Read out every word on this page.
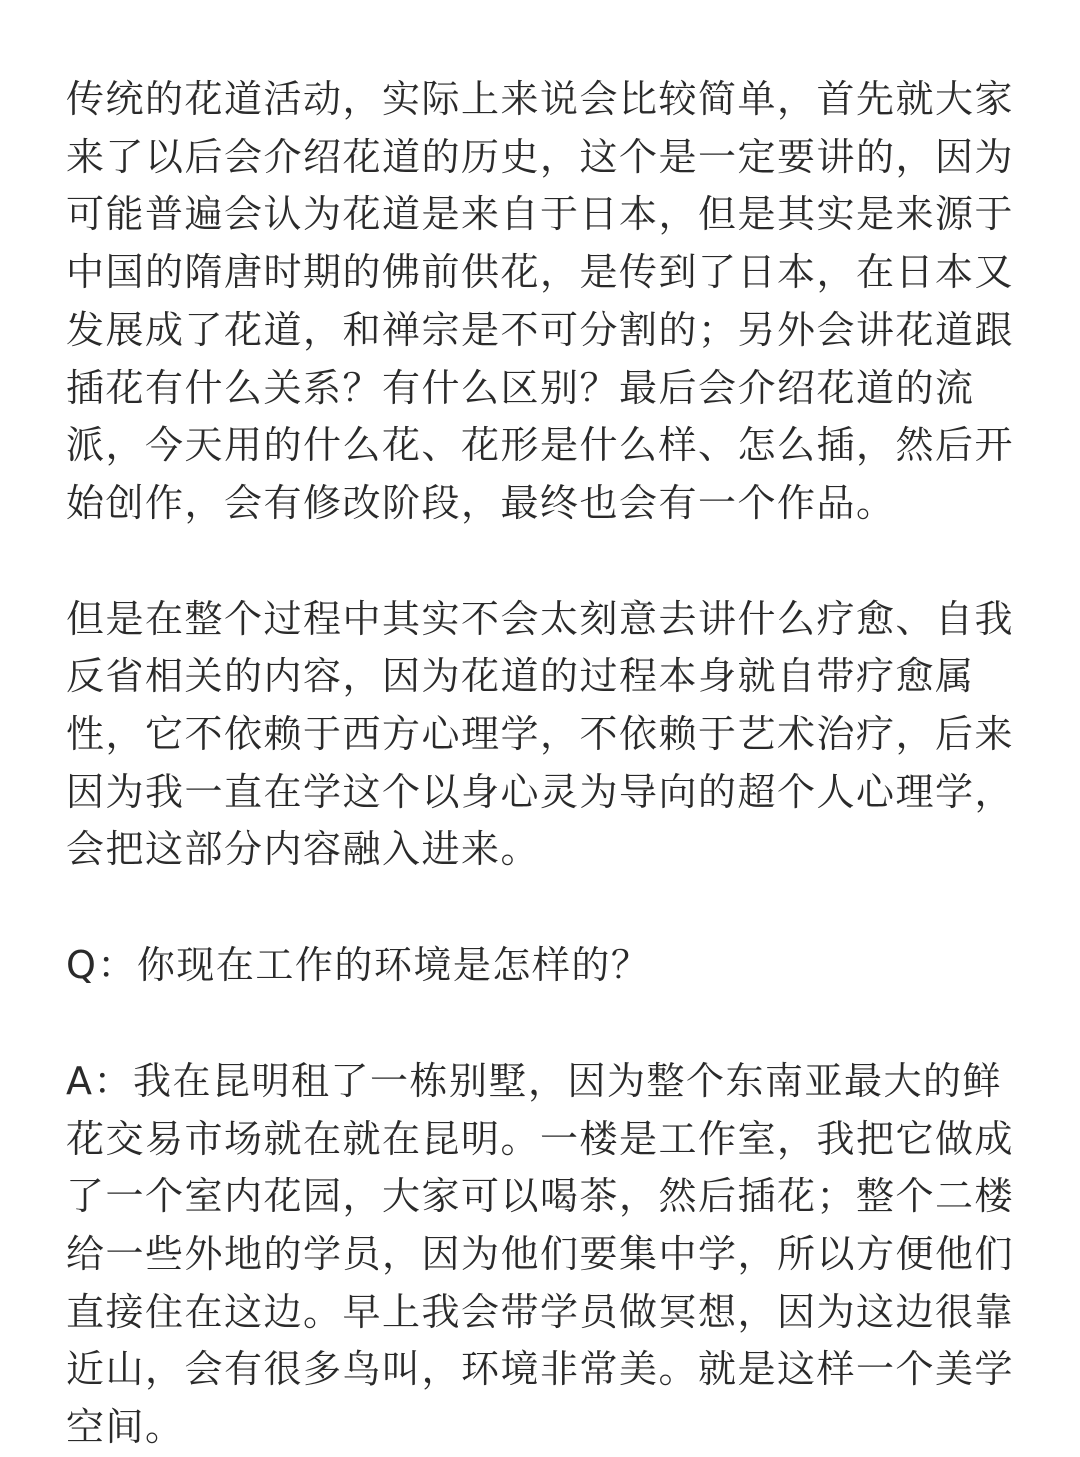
传统的花道活动，实际上来说会比较简单，首先就大家来了以后会介绍花道的历史，这个是一定要讲的，因为可能普遍会认为花道是来自于日本，但是其实是来源于中国的隋唐时期的佛前供花，是传到了日本，在日本又发展成了花道，和禅宗是不可分割的；另外会讲花道跟插花有什么关系？有什么区别？最后会介绍花道的流派，今天用的什么花、花形是什么样、怎么插，然后开始创作，会有修改阶段，最终也会有一个作品。

但是在整个过程中其实不会太刻意去讲什么疗愈、自我反省相关的内容，因为花道的过程本身就自带疗愈属性，它不依赖于西方心理学，不依赖于艺术治疗，后来因为我一直在学这个以身心灵为导向的超个人心理学，会把这部分内容融入进来。

Q：你现在工作的环境是怎样的？

A：我在昆明租了一栋别墅，因为整个东南亚最大的鲜花交易市场就在就在昆明。一楼是工作室，我把它做成了一个室内花园，大家可以喝茶，然后插花；整个二楼给一些外地的学员，因为他们要集中学，所以方便他们直接住在这边。早上我会带学员做冥想，因为这边很靠近山，会有很多鸟叫，环境非常美。就是这样一个美学空间。
